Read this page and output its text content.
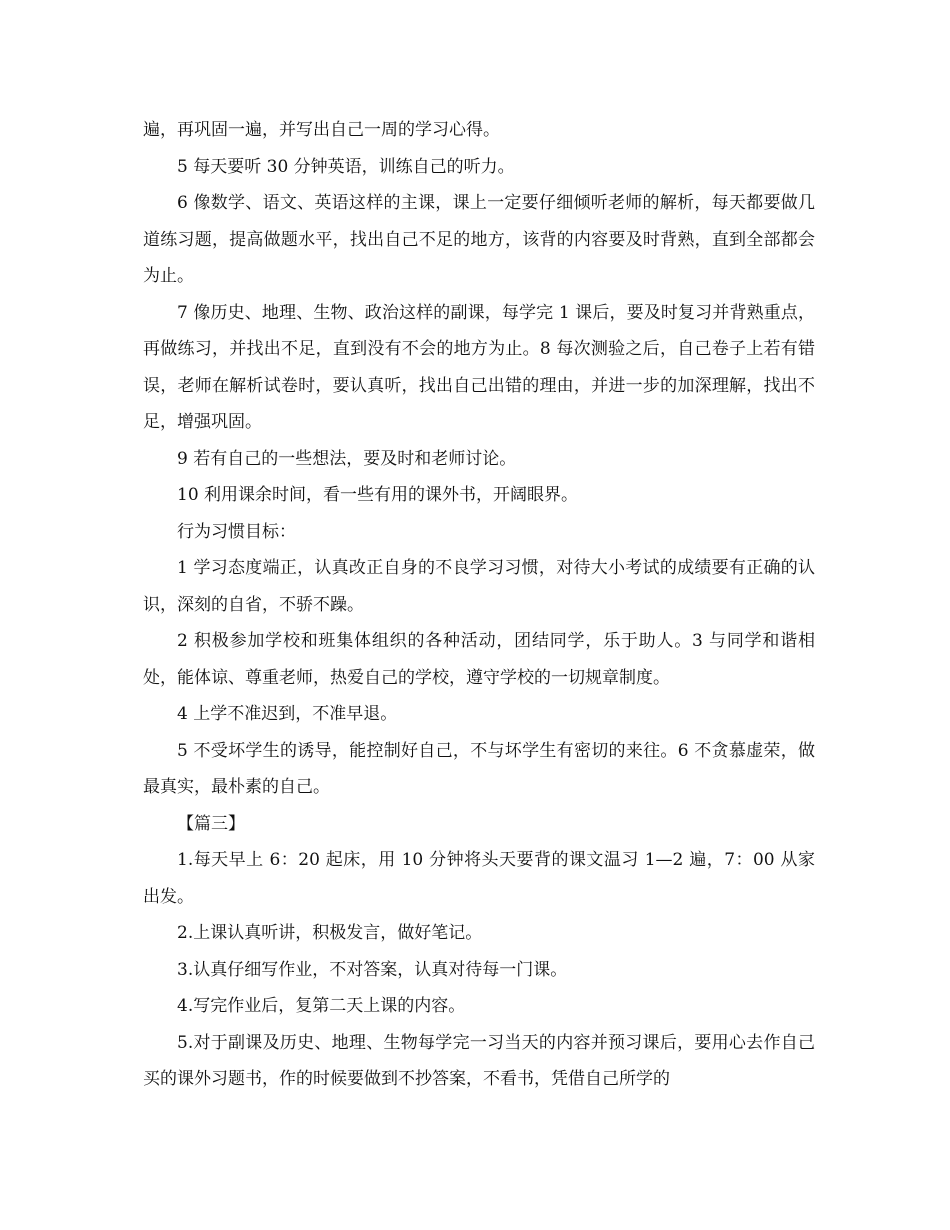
遍，再巩固一遍，并写出自己一周的学习心得。

5 每天要听 30 分钟英语，训练自己的听力。

6 像数学、语文、英语这样的主课，课上一定要仔细倾听老师的解析，每天都要做几道练习题，提高做题水平，找出自己不足的地方，该背的内容要及时背熟，直到全部都会为止。

7 像历史、地理、生物、政治这样的副课，每学完 1 课后，要及时复习并背熟重点，再做练习，并找出不足，直到没有不会的地方为止。8 每次测验之后，自己卷子上若有错误，老师在解析试卷时，要认真听，找出自己出错的理由，并进一步的加深理解，找出不足，增强巩固。

9 若有自己的一些想法，要及时和老师讨论。

10 利用课余时间，看一些有用的课外书，开阔眼界。

行为习惯目标：

1 学习态度端正，认真改正自身的不良学习习惯，对待大小考试的成绩要有正确的认识，深刻的自省，不骄不躁。

2 积极参加学校和班集体组织的各种活动，团结同学，乐于助人。3 与同学和谐相处，能体谅、尊重老师，热爱自己的学校，遵守学校的一切规章制度。

4 上学不准迟到，不准早退。

5 不受坏学生的诱导，能控制好自己，不与坏学生有密切的来往。6 不贪慕虚荣，做最真实，最朴素的自己。

【篇三】

1.每天早上 6：20 起床，用 10 分钟将头天要背的课文温习 1—2 遍，7：00 从家出发。

2.上课认真听讲，积极发言，做好笔记。

3.认真仔细写作业，不对答案，认真对待每一门课。

4.写完作业后，复第二天上课的内容。

5.对于副课及历史、地理、生物每学完一习当天的内容并预习课后，要用心去作自己买的课外习题书，作的时候要做到不抄答案，不看书，凭借自己所学的
